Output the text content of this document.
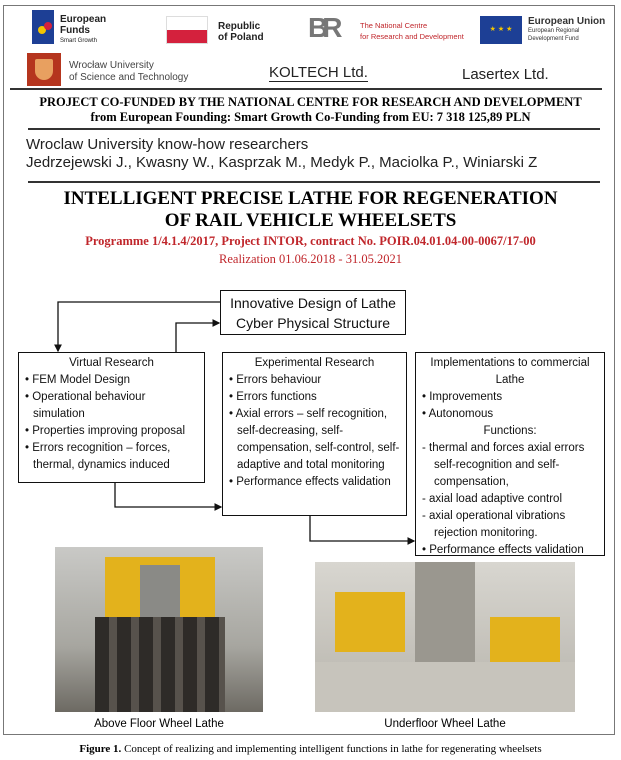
European
Funds
Smart Growth
Republic
of Poland BR	The National Centre
for Research and Development
★ ★ ★
European Union
European Regional
Development Fund
Wrocław University
of Science and Technology	KOLTECH Ltd.	Lasertex Ltd.
PROJECT CO-FUNDED BY THE NATIONAL CENTRE FOR RESEARCH AND DEVELOPMENT
from European Founding: Smart Growth Co-Funding from EU: 7 318 125,89 PLN
Wroclaw University know-how researchers
Jedrzejewski J., Kwasny W., Kasprzak M., Medyk P., Maciolka P., Winiarski Z
INTELLIGENT PRECISE LATHE FOR REGENERATION
OF RAIL VEHICLE WHEELSETS
Programme 1/4.1.4/2017, Project INTOR, contract No. POIR.04.01.04-00-0067/17-00
Realization 01.06.2018 - 31.05.2021
Innovative Design of Lathe
Cyber Physical Structure
Virtual Research
• FEM Model Design
• Operational behaviour simulation
• Properties improving proposal
• Errors recognition – forces, thermal, dynamics induced
Experimental Research
• Errors behaviour
• Errors functions
• Axial errors – self recognition, self-decreasing, self-compensation, self-control, self-adaptive and total monitoring
• Performance effects validation
Implementations to commercial Lathe
• Improvements
• Autonomous
Functions:
- thermal and forces axial errors self-recognition and self-compensation,
- axial load adaptive control
- axial operational vibrations rejection monitoring.
• Performance effects validation
Above Floor Wheel Lathe	Underfloor Wheel Lathe
Figure 1. Concept of realizing and implementing intelligent functions in lathe for regenerating wheelsets
